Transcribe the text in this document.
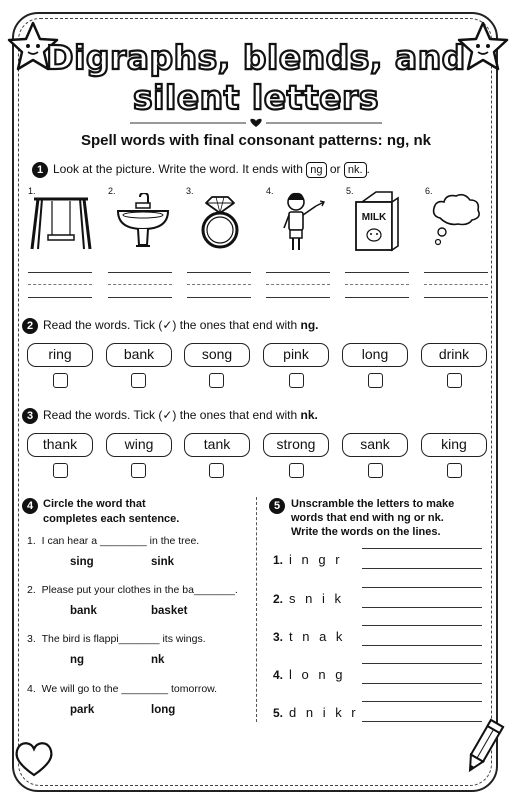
Digraphs, blends, and
silent letters
Spell words with final consonant patterns: ng, nk
1 Look at the picture. Write the word. It ends with ng or nk. .
1.	2.	3.	4.	5.	6.
MILK
2 Read the words. Tick (✓) the ones that end with ng.
ring	bank	song	pink	long	drink
3 Read the words. Tick (✓) the ones that end with nk.
thank	wing	tank	strong	sank	king
4 Circle the word that
completes each sentence.
1. I can hear a ________ in the tree.
sing	sink
2. Please put your clothes in the ba_______.
bank	basket
3. The bird is flappi_______ its wings.
ng	nk
4. We will go to the ________ tomorrow.
park	long
5 Unscramble the letters to make
words that end with ng or nk.
Write the words on the lines.
1. i n g r
2. s n i k
3. t n a k
4. l o n g
5. d n i k r
